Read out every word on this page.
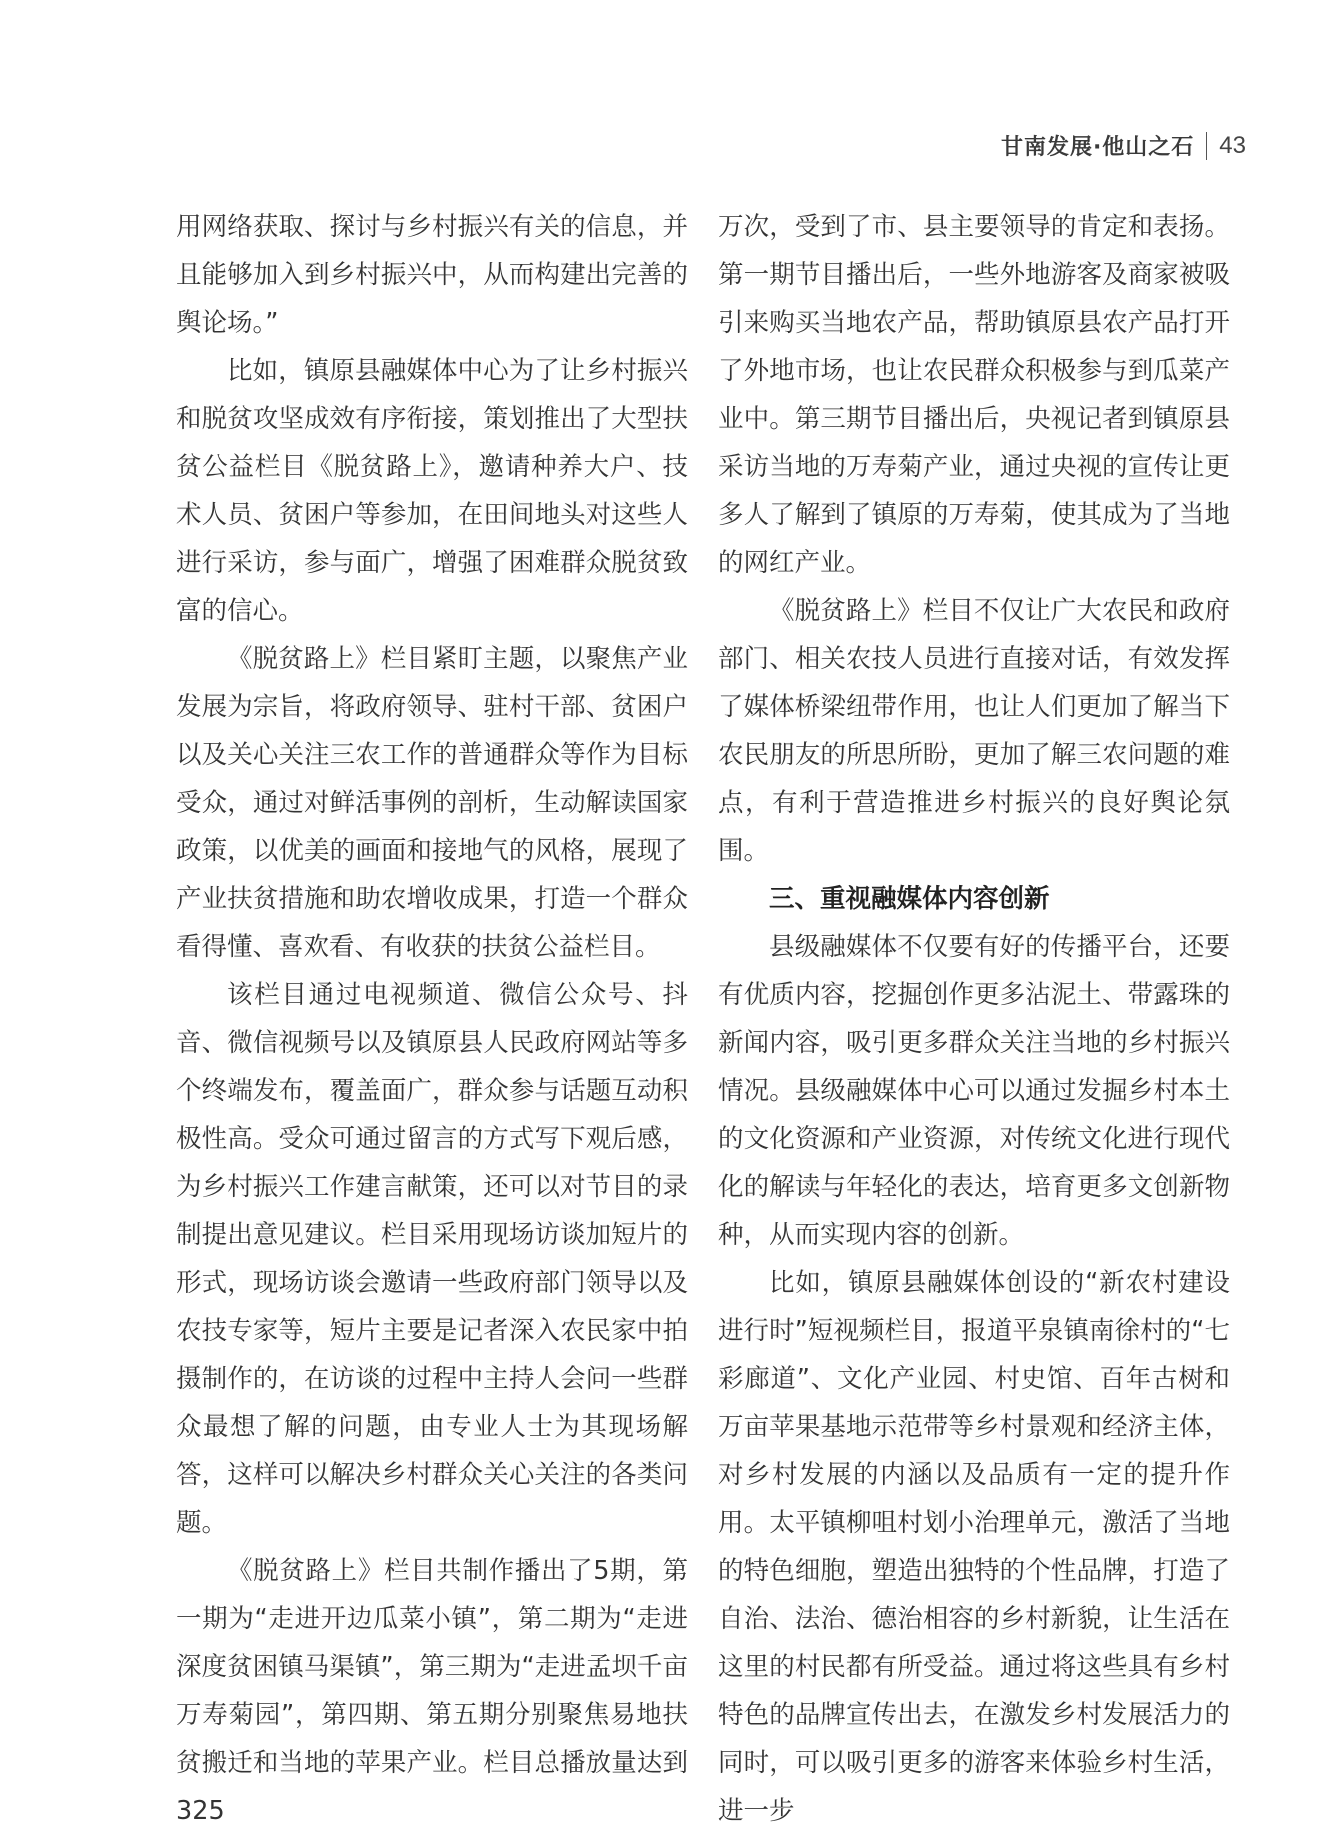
甘南发展·他山之石 43

用网络获取、探讨与乡村振兴有关的信息，并且能够加入到乡村振兴中，从而构建出完善的舆论场。”

比如，镇原县融媒体中心为了让乡村振兴和脱贫攻坚成效有序衔接，策划推出了大型扶贫公益栏目《脱贫路上》，邀请种养大户、技术人员、贫困户等参加，在田间地头对这些人进行采访，参与面广，增强了困难群众脱贫致富的信心。

《脱贫路上》栏目紧盯主题，以聚焦产业发展为宗旨，将政府领导、驻村干部、贫困户以及关心关注三农工作的普通群众等作为目标受众，通过对鲜活事例的剖析，生动解读国家政策，以优美的画面和接地气的风格，展现了产业扶贫措施和助农增收成果，打造一个群众看得懂、喜欢看、有收获的扶贫公益栏目。

该栏目通过电视频道、微信公众号、抖音、微信视频号以及镇原县人民政府网站等多个终端发布，覆盖面广，群众参与话题互动积极性高。受众可通过留言的方式写下观后感，为乡村振兴工作建言献策，还可以对节目的录制提出意见建议。栏目采用现场访谈加短片的形式，现场访谈会邀请一些政府部门领导以及农技专家等，短片主要是记者深入农民家中拍摄制作的，在访谈的过程中主持人会问一些群众最想了解的问题，由专业人士为其现场解答，这样可以解决乡村群众关心关注的各类问题。

《脱贫路上》栏目共制作播出了5期，第一期为“走进开边瓜菜小镇”，第二期为“走进深度贫困镇马渠镇”，第三期为“走进孟坝千亩万寿菊园”，第四期、第五期分别聚焦易地扶贫搬迁和当地的苹果产业。栏目总播放量达到325

万次，受到了市、县主要领导的肯定和表扬。第一期节目播出后，一些外地游客及商家被吸引来购买当地农产品，帮助镇原县农产品打开了外地市场，也让农民群众积极参与到瓜菜产业中。第三期节目播出后，央视记者到镇原县采访当地的万寿菊产业，通过央视的宣传让更多人了解到了镇原的万寿菊，使其成为了当地的网红产业。

《脱贫路上》栏目不仅让广大农民和政府部门、相关农技人员进行直接对话，有效发挥了媒体桥梁纽带作用，也让人们更加了解当下农民朋友的所思所盼，更加了解三农问题的难点，有利于营造推进乡村振兴的良好舆论氛围。

三、重视融媒体内容创新

县级融媒体不仅要有好的传播平台，还要有优质内容，挖掘创作更多沾泥土、带露珠的新闻内容，吸引更多群众关注当地的乡村振兴情况。县级融媒体中心可以通过发掘乡村本土的文化资源和产业资源，对传统文化进行现代化的解读与年轻化的表达，培育更多文创新物种，从而实现内容的创新。

比如，镇原县融媒体创设的“新农村建设进行时”短视频栏目，报道平泉镇南徐村的“七彩廊道”、文化产业园、村史馆、百年古树和万亩苹果基地示范带等乡村景观和经济主体，对乡村发展的内涵以及品质有一定的提升作用。太平镇柳咀村划小治理单元，激活了当地的特色细胞，塑造出独特的个性品牌，打造了自治、法治、德治相容的乡村新貌，让生活在这里的村民都有所受益。通过将这些具有乡村特色的品牌宣传出去，在激发乡村发展活力的同时，可以吸引更多的游客来体验乡村生活，进一步
